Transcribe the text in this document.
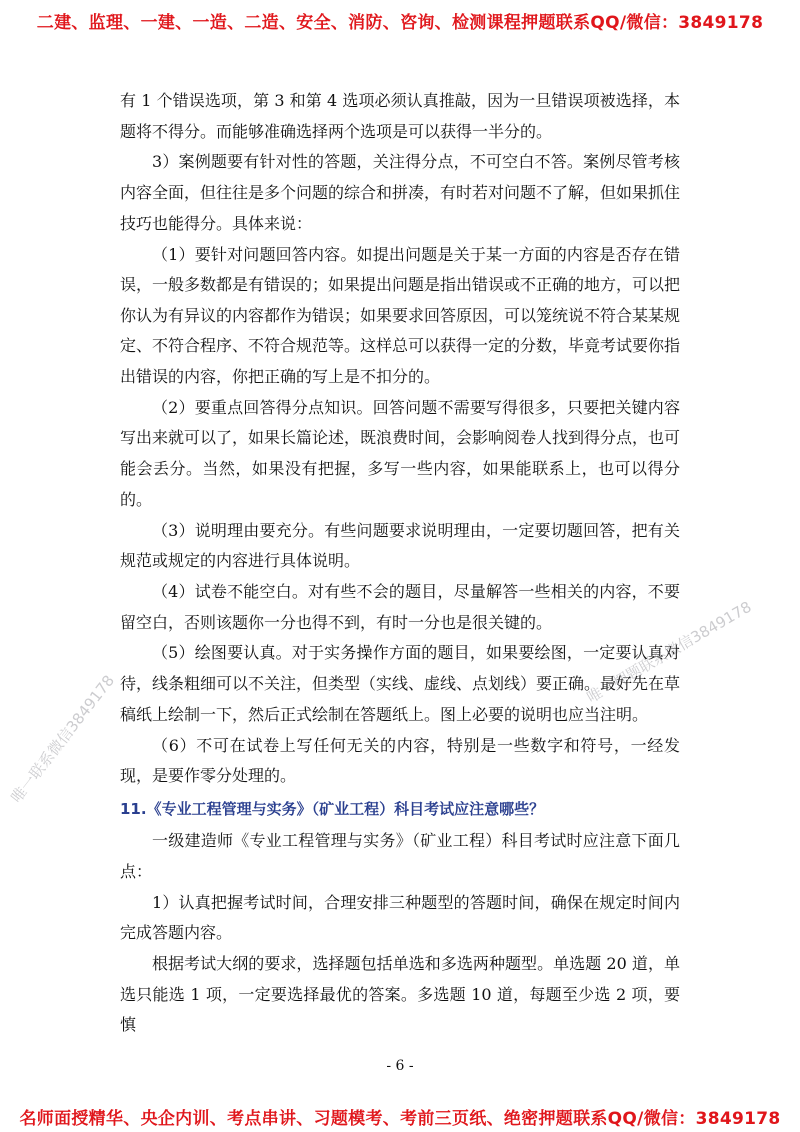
二建、监理、一建、一造、二造、安全、消防、咨询、检测课程押题联系QQ/微信：3849178

有 1 个错误选项，第 3 和第 4 选项必须认真推敲，因为一旦错误项被选择，本题将不得分。而能够准确选择两个选项是可以获得一半分的。

3）案例题要有针对性的答题，关注得分点，不可空白不答。案例尽管考核内容全面，但往往是多个问题的综合和拼凑，有时若对问题不了解，但如果抓住技巧也能得分。具体来说：

（1）要针对问题回答内容。如提出问题是关于某一方面的内容是否存在错误，一般多数都是有错误的；如果提出问题是指出错误或不正确的地方，可以把你认为有异议的内容都作为错误；如果要求回答原因，可以笼统说不符合某某规定、不符合程序、不符合规范等。这样总可以获得一定的分数，毕竟考试要你指出错误的内容，你把正确的写上是不扣分的。

（2）要重点回答得分点知识。回答问题不需要写得很多，只要把关键内容写出来就可以了，如果长篇论述，既浪费时间，会影响阅卷人找到得分点，也可能会丢分。当然，如果没有把握，多写一些内容，如果能联系上，也可以得分的。

（3）说明理由要充分。有些问题要求说明理由，一定要切题回答，把有关规范或规定的内容进行具体说明。

（4）试卷不能空白。对有些不会的题目，尽量解答一些相关的内容，不要留空白，否则该题你一分也得不到，有时一分也是很关键的。

（5）绘图要认真。对于实务操作方面的题目，如果要绘图，一定要认真对待，线条粗细可以不关注，但类型（实线、虚线、点划线）要正确。最好先在草稿纸上绘制一下，然后正式绘制在答题纸上。图上必要的说明也应当注明。

（6）不可在试卷上写任何无关的内容，特别是一些数字和符号，一经发现，是要作零分处理的。

11.《专业工程管理与实务》（矿业工程）科目考试应注意哪些？

一级建造师《专业工程管理与实务》（矿业工程）科目考试时应注意下面几点：

1）认真把握考试时间，合理安排三种题型的答题时间，确保在规定时间内完成答题内容。

根据考试大纲的要求，选择题包括单选和多选两种题型。单选题 20 道，单选只能选 1 项，一定要选择最优的答案。多选题 10 道，每题至少选 2 项，要慎

- 6 -
名师面授精华、央企内训、考点串讲、习题模考、考前三页纸、绝密押题联系QQ/微信：3849178
唯一押题联系微信3849178
唯一联系微信3849178
